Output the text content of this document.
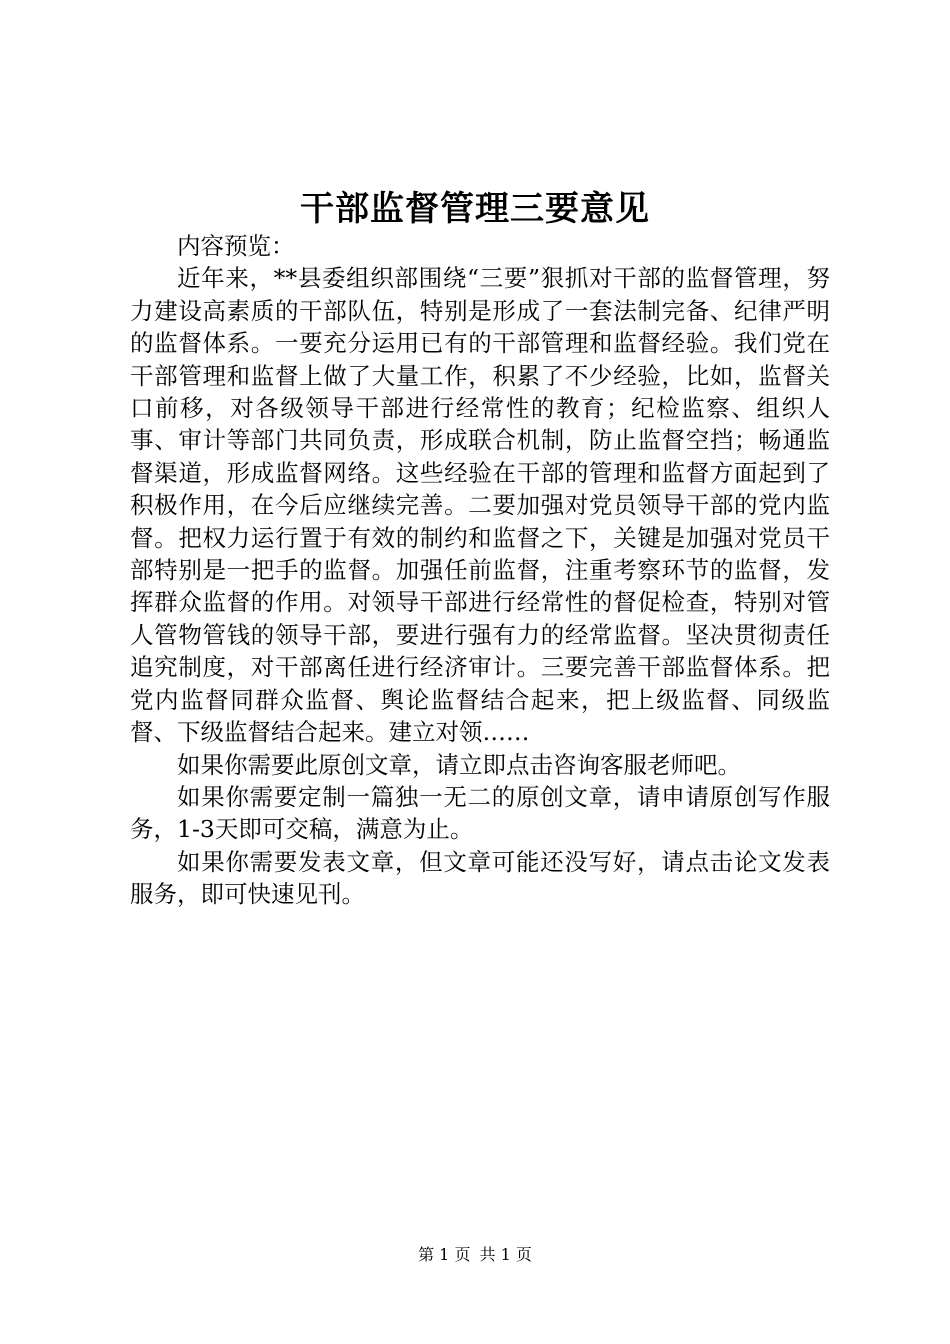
干部监督管理三要意见

内容预览：

近年来，**县委组织部围绕“三要”狠抓对干部的监督管理，努力建设高素质的干部队伍，特别是形成了一套法制完备、纪律严明的监督体系。一要充分运用已有的干部管理和监督经验。我们党在干部管理和监督上做了大量工作，积累了不少经验，比如，监督关口前移，对各级领导干部进行经常性的教育；纪检监察、组织人事、审计等部门共同负责，形成联合机制，防止监督空挡；畅通监督渠道，形成监督网络。这些经验在干部的管理和监督方面起到了积极作用，在今后应继续完善。二要加强对党员领导干部的党内监督。把权力运行置于有效的制约和监督之下，关键是加强对党员干部特别是一把手的监督。加强任前监督，注重考察环节的监督，发挥群众监督的作用。对领导干部进行经常性的督促检查，特别对管人管物管钱的领导干部，要进行强有力的经常监督。坚决贯彻责任追究制度，对干部离任进行经济审计。三要完善干部监督体系。把党内监督同群众监督、舆论监督结合起来，把上级监督、同级监督、下级监督结合起来。建立对领……

如果你需要此原创文章，请立即点击咨询客服老师吧。

如果你需要定制一篇独一无二的原创文章，请申请原创写作服务，1-3天即可交稿，满意为止。

如果你需要发表文章，但文章可能还没写好，请点击论文发表服务，即可快速见刊。

第 1 页 共 1 页
